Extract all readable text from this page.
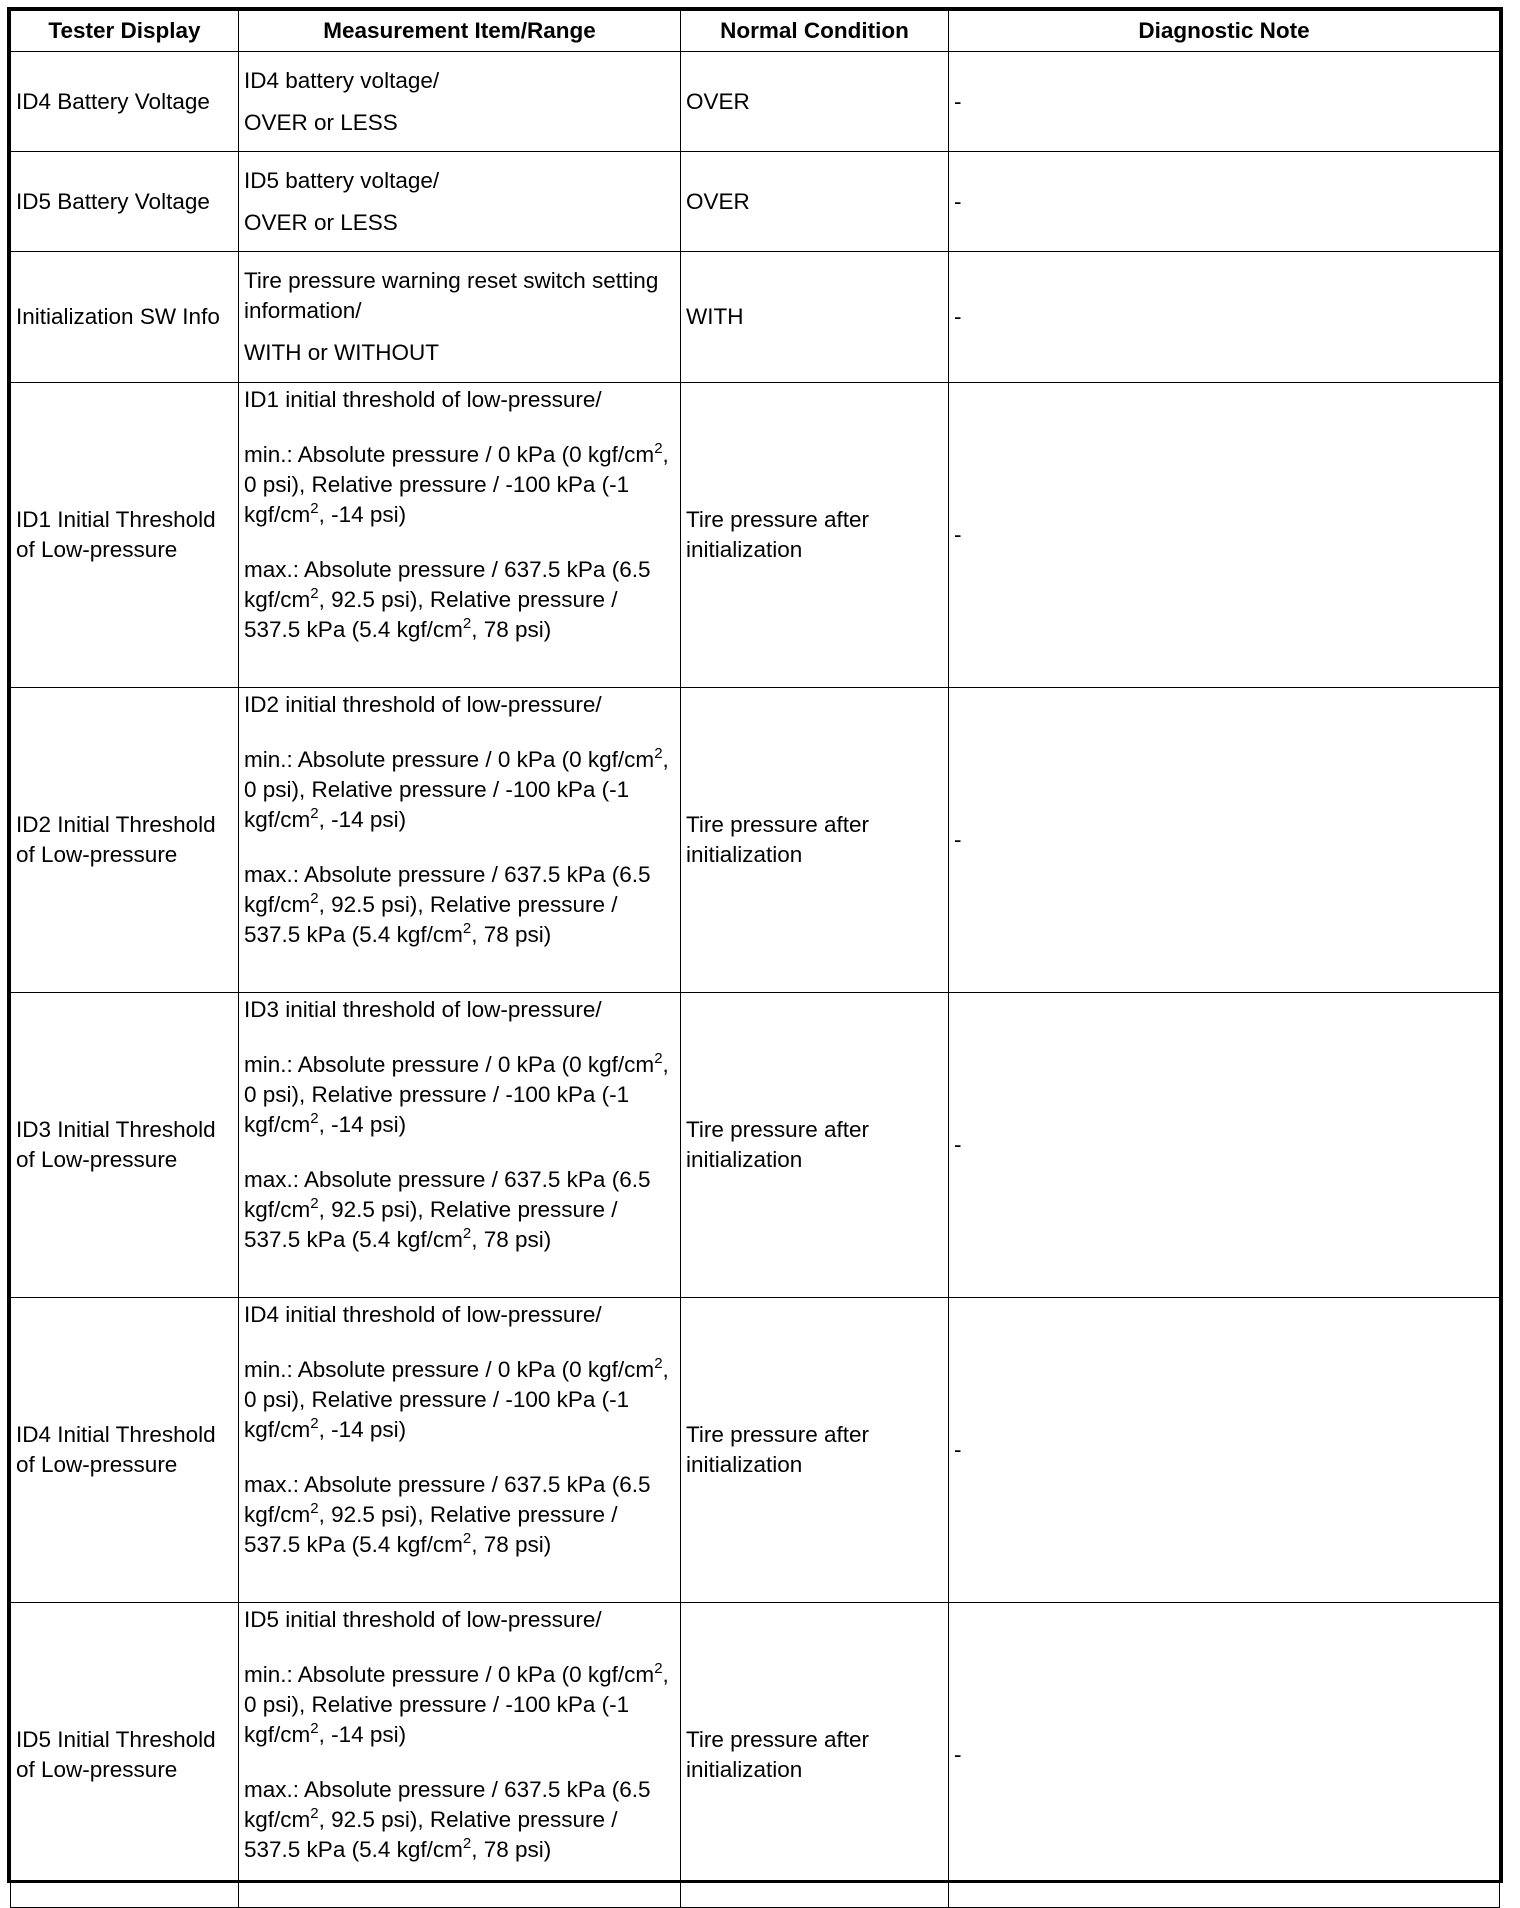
Tester Display	Measurement Item/Range	Normal Condition	Diagnostic Note
ID4 Battery Voltage	ID4 battery voltage/
OVER or LESS	OVER	-
ID5 Battery Voltage	ID5 battery voltage/
OVER or LESS	OVER	-
Initialization SW Info	Tire pressure warning reset switch setting information/
WITH or WITHOUT	WITH	-
ID1 Initial Threshold of Low-pressure	ID1 initial threshold of low-pressure/
min.: Absolute pressure / 0 kPa (0 kgf/$cm^2$, 0 psi), Relative pressure / -100 kPa (-1 kgf/$cm^2$, -14 psi)
max.: Absolute pressure / 637.5 kPa (6.5 kgf/$cm^2$, 92.5 psi), Relative pressure / 537.5 kPa (5.4 kgf/$cm^2$, 78 psi)	Tire pressure after initialization	-
ID2 Initial Threshold of Low-pressure	ID2 initial threshold of low-pressure/
min.: Absolute pressure / 0 kPa (0 kgf/$cm^2$, 0 psi), Relative pressure / -100 kPa (-1 kgf/$cm^2$, -14 psi)
max.: Absolute pressure / 637.5 kPa (6.5 kgf/$cm^2$, 92.5 psi), Relative pressure / 537.5 kPa (5.4 kgf/$cm^2$, 78 psi)	Tire pressure after initialization	-
ID3 Initial Threshold of Low-pressure	ID3 initial threshold of low-pressure/
min.: Absolute pressure / 0 kPa (0 kgf/$cm^2$, 0 psi), Relative pressure / -100 kPa (-1 kgf/$cm^2$, -14 psi)
max.: Absolute pressure / 637.5 kPa (6.5 kgf/$cm^2$, 92.5 psi), Relative pressure / 537.5 kPa (5.4 kgf/$cm^2$, 78 psi)	Tire pressure after initialization	-
ID4 Initial Threshold of Low-pressure	ID4 initial threshold of low-pressure/
min.: Absolute pressure / 0 kPa (0 kgf/$cm^2$, 0 psi), Relative pressure / -100 kPa (-1 kgf/$cm^2$, -14 psi)
max.: Absolute pressure / 637.5 kPa (6.5 kgf/$cm^2$, 92.5 psi), Relative pressure / 537.5 kPa (5.4 kgf/$cm^2$, 78 psi)	Tire pressure after initialization	-
ID5 Initial Threshold of Low-pressure	ID5 initial threshold of low-pressure/
min.: Absolute pressure / 0 kPa (0 kgf/$cm^2$, 0 psi), Relative pressure / -100 kPa (-1 kgf/$cm^2$, -14 psi)
max.: Absolute pressure / 637.5 kPa (6.5 kgf/$cm^2$, 92.5 psi), Relative pressure / 537.5 kPa (5.4 kgf/$cm^2$, 78 psi)	Tire pressure after initialization	-
